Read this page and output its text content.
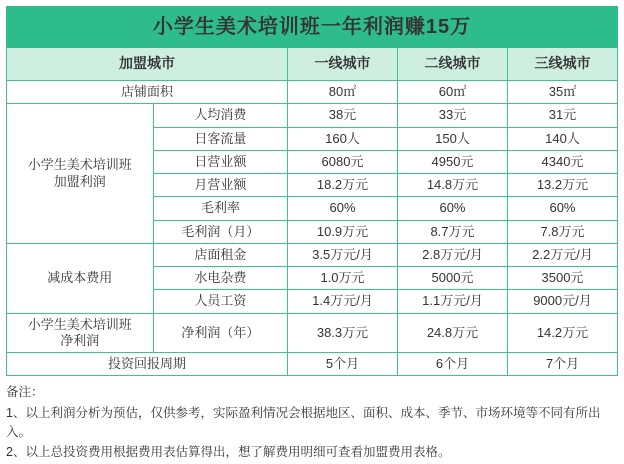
小学生美术培训班一年利润赚15万				
加盟城市		一线城市	二线城市	三线城市
店铺面积		80㎡	60㎡	35㎡
小学生美术培训班
加盟利润	人均消费	38元	33元	31元
	日客流量	160人	150人	140人
	日营业额	6080元	4950元	4340元
	月营业额	18.2万元	14.8万元	13.2万元
	毛利率	60%	60%	60%
	毛利润（月）	10.9万元	8.7万元	7.8万元
减成本费用	店面租金	3.5万元/月	2.8万元/月	2.2万元/月
	水电杂费	1.0万元	5000元	3500元
	人员工资	1.4万元/月	1.1万元/月	9000元/月
小学生美术培训班
净利润	净利润（年）	38.3万元	24.8万元	14.2万元
投资回报周期		5个月	6个月	7个月
备注：
1、以上利润分析为预估，仅供参考，实际盈利情况会根据地区、面积、成本、季节、市场环境等不同有所出入。
2、以上总投资费用根据费用表估算得出，想了解费用明细可查看加盟费用表格。
